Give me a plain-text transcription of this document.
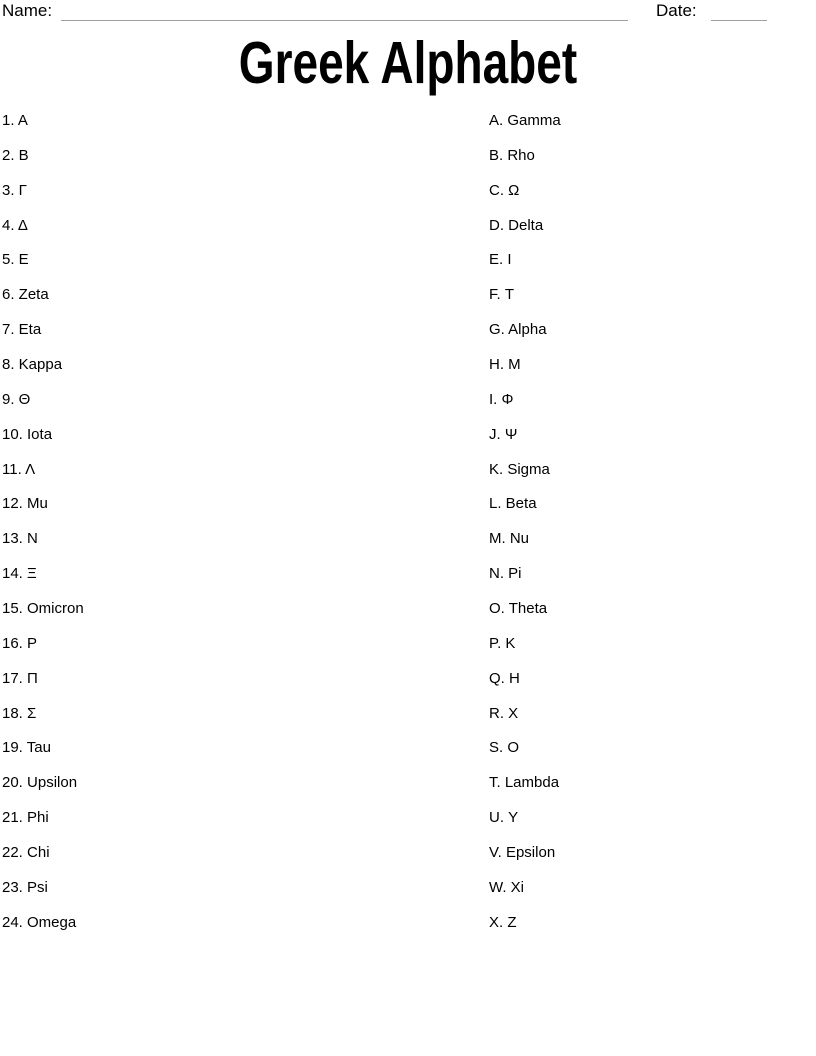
Name:	Date:
Greek Alphabet
1. Α
2. Β
3. Γ
4. Δ
5. Ε
6. Zeta
7. Eta
8. Kappa
9. Θ
10. Iota
11. Λ
12. Mu
13. Ν
14. Ξ
15. Omicron
16. Ρ
17. Π
18. Σ
19. Tau
20. Upsilon
21. Phi
22. Chi
23. Psi
24. Omega
A. Gamma
B. Rho
C. Ω
D. Delta
E. Ι
F. Τ
G. Alpha
H. Μ
I. Φ
J. Ψ
K. Sigma
L. Beta
M. Nu
N. Pi
O. Theta
P. Κ
Q. Η
R. Χ
S. Ο
T. Lambda
U. Υ
V. Epsilon
W. Xi
X. Ζ
